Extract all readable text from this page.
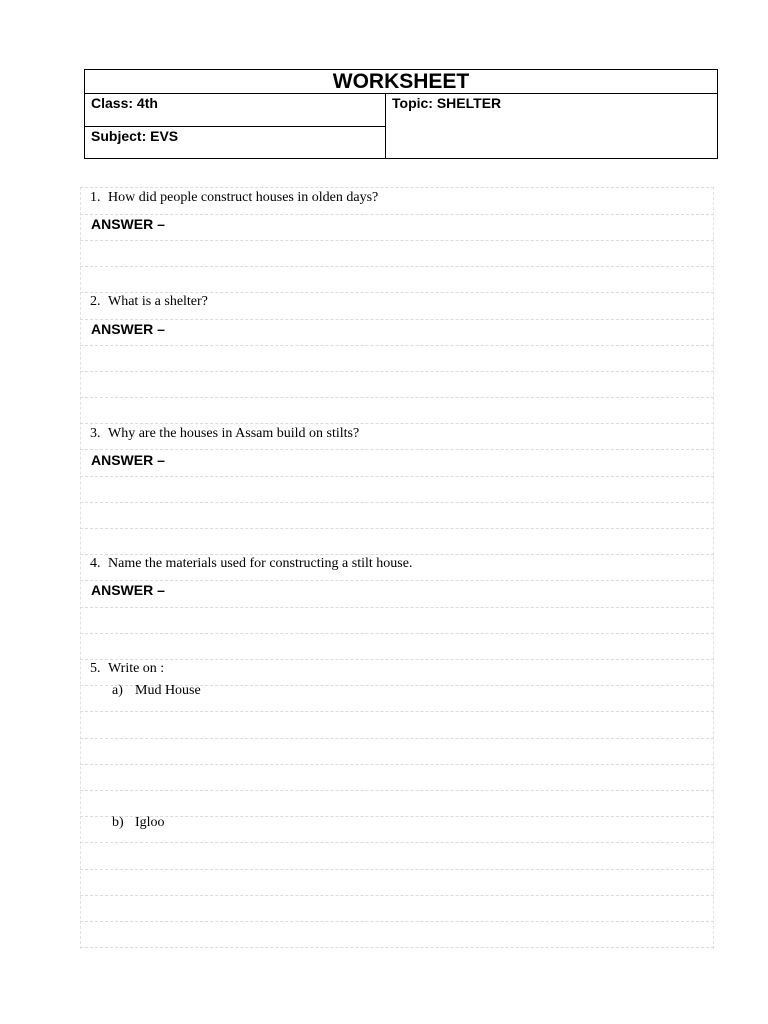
WORKSHEET
Class: 4th
Subject: EVS
Topic: SHELTER
1. How did people construct houses in olden days?
ANSWER –
2. What is a shelter?
ANSWER –
3. Why are the houses in Assam build on stilts?
ANSWER –
4. Name the materials used for constructing a stilt house.
ANSWER –
5. Write on :
a) Mud House
b) Igloo
